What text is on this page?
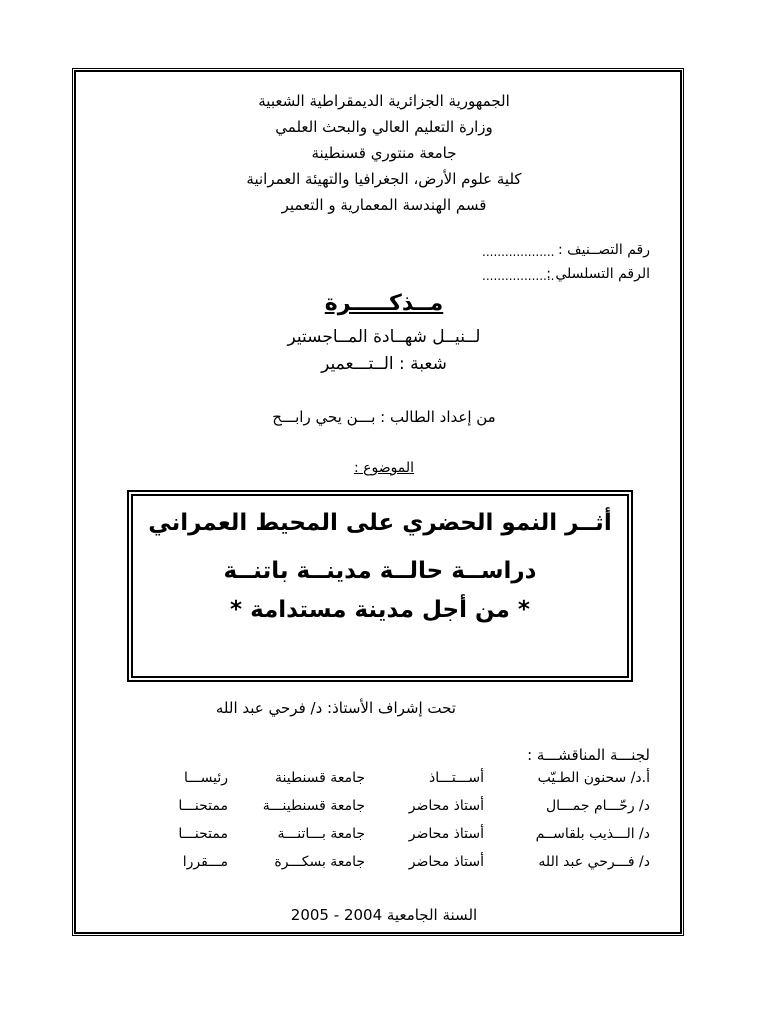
الجمهورية الجزائرية الديمقراطية الشعبية
وزارة التعليم العالي والبحث العلمي
جامعة منتوري قسنطينة
كلية علوم الأرض، الجغرافيا والتهيئة العمرانية
قسم الهندسة المعمارية و التعمير
رقم التصــنيف :
...................
الرقم التسلسلي :
...................
مــذكـــــرة
لــنيــل شهــادة المــاجستير
شعبة : الــتـــعمير
من إعداد الطالب : بـــن يحي رابـــح
الموضوع :
أثــر النمو الحضري على المحيط العمراني
دراســة حالــة مدينــة باتنــة
* من أجل مدينة مستدامة *
تحت إشراف الأستاذ: د/ فرحي عبد الله
لجنـــة المناقشـــة :
أ.د/ سحنون الطـيّب
أســـتـــاذ
جامعة قسنطينة
رئيســـا
د/ رحّـــام جمـــال
أستاذ محاضر
جامعة قسنطينـــة
ممتحنـــا
د/ الـــذيب بلقاســم
أستاذ محاضر
جامعة بـــاتنـــة
ممتحنـــا
د/ فـــرحي عبد الله
أستاذ محاضر
جامعة بسكـــرة
مـــقررا
السنة الجامعية 2004 - 2005
